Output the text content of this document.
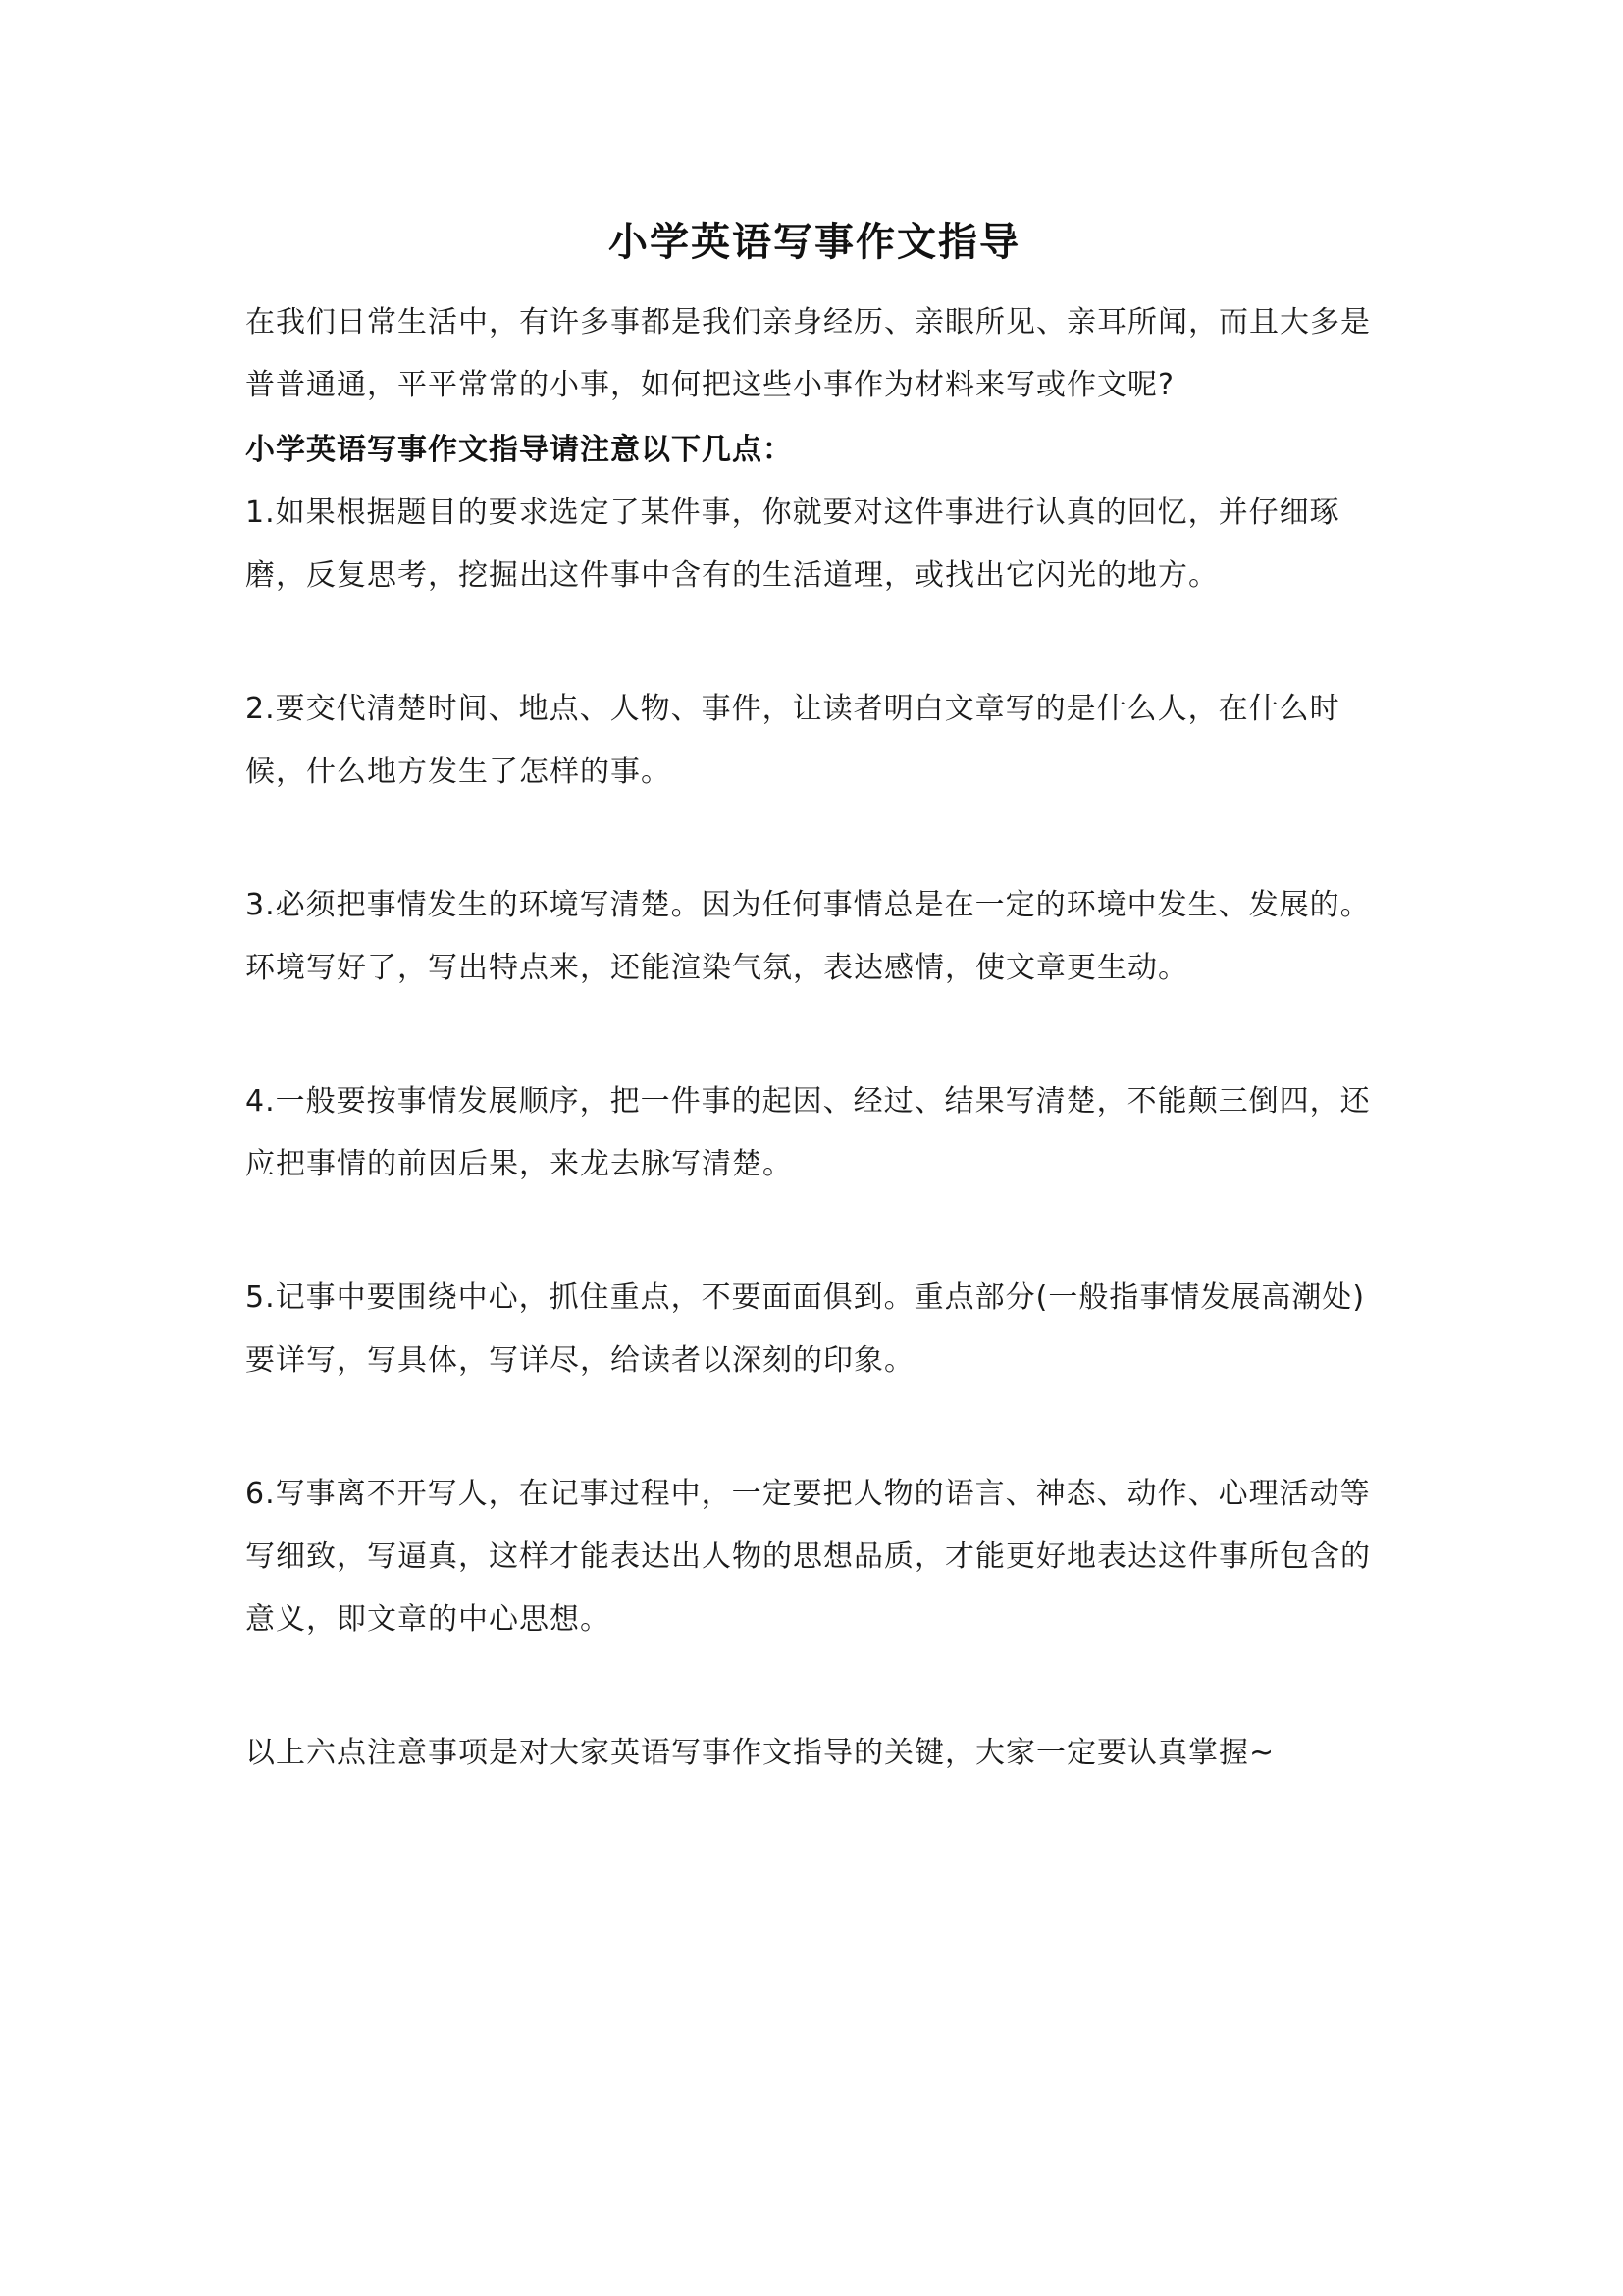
小学英语写事作文指导

在我们日常生活中，有许多事都是我们亲身经历、亲眼所见、亲耳所闻，而且大多是普普通通，平平常常的小事，如何把这些小事作为材料来写或作文呢?

小学英语写事作文指导请注意以下几点：

1.如果根据题目的要求选定了某件事，你就要对这件事进行认真的回忆，并仔细琢磨，反复思考，挖掘出这件事中含有的生活道理，或找出它闪光的地方。

2.要交代清楚时间、地点、人物、事件，让读者明白文章写的是什么人，在什么时候，什么地方发生了怎样的事。

3.必须把事情发生的环境写清楚。因为任何事情总是在一定的环境中发生、发展的。环境写好了，写出特点来，还能渲染气氛，表达感情，使文章更生动。

4.一般要按事情发展顺序，把一件事的起因、经过、结果写清楚，不能颠三倒四，还应把事情的前因后果，来龙去脉写清楚。

5.记事中要围绕中心，抓住重点，不要面面俱到。重点部分(一般指事情发展高潮处)要详写，写具体，写详尽，给读者以深刻的印象。

6.写事离不开写人，在记事过程中，一定要把人物的语言、神态、动作、心理活动等写细致，写逼真，这样才能表达出人物的思想品质，才能更好地表达这件事所包含的意义，即文章的中心思想。

以上六点注意事项是对大家英语写事作文指导的关键，大家一定要认真掌握~
